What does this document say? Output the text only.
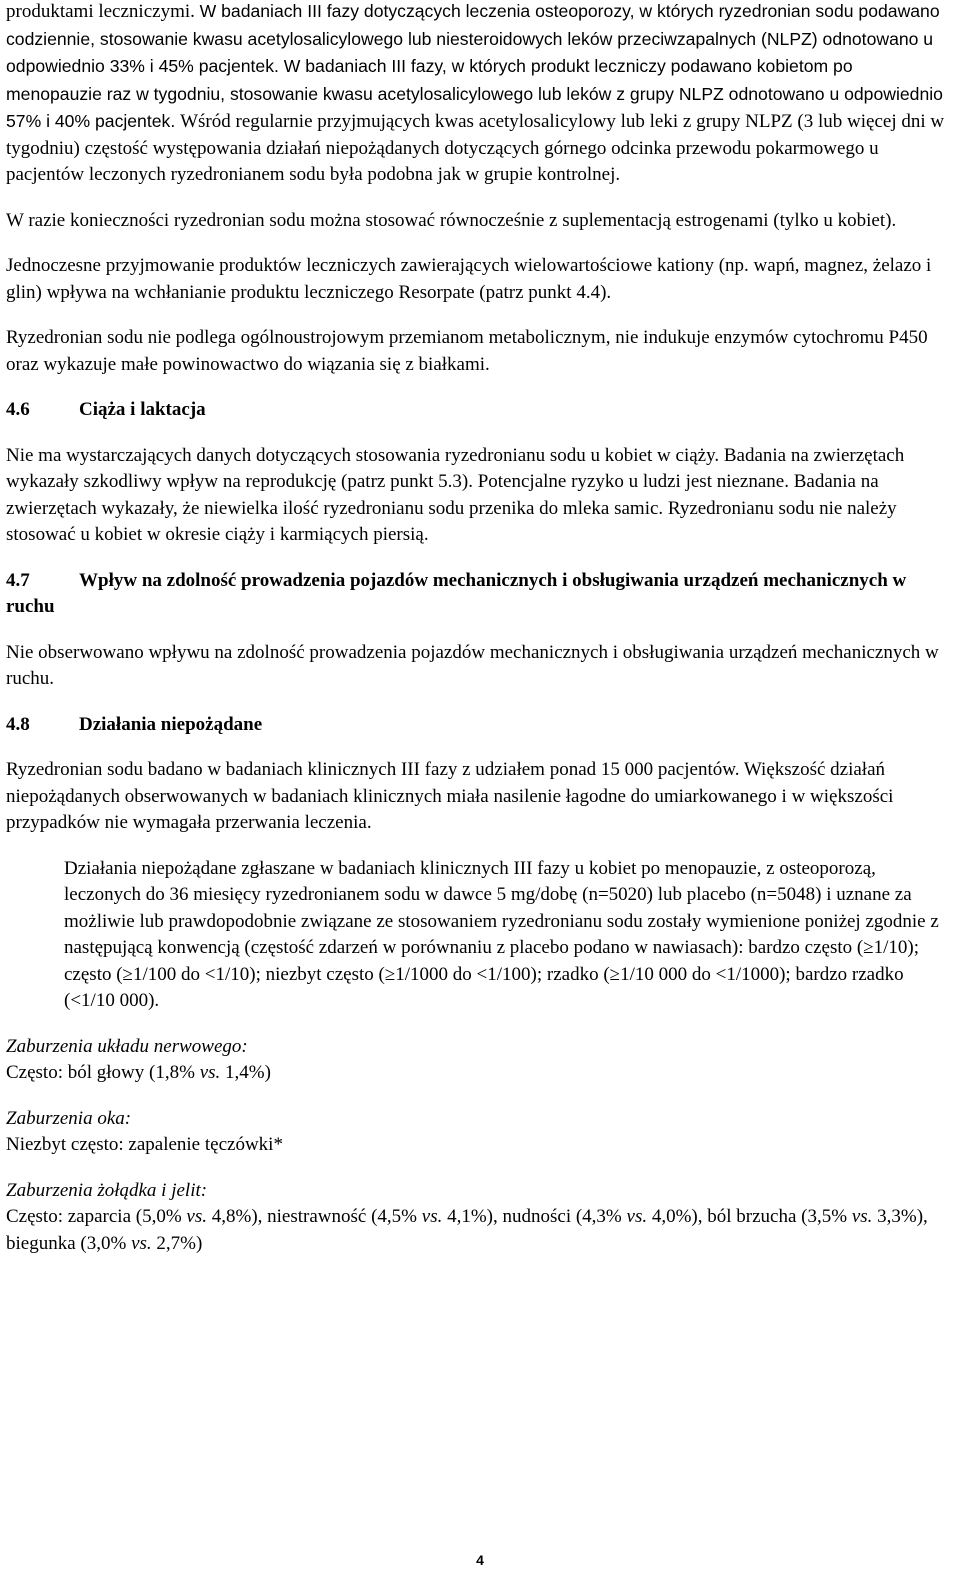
produktami leczniczymi. W badaniach III fazy dotyczących leczenia osteoporozy, w których ryzedronian sodu podawano codziennie, stosowanie kwasu acetylosalicylowego lub niesteroidowych leków przeciwzapalnych (NLPZ) odnotowano u odpowiednio 33% i 45% pacjentek. W badaniach III fazy, w których produkt leczniczy podawano kobietom po menopauzie raz w tygodniu, stosowanie kwasu acetylosalicylowego lub leków z grupy NLPZ odnotowano u odpowiednio 57% i 40% pacjentek. Wśród regularnie przyjmujących kwas acetylosalicylowy lub leki z grupy NLPZ (3 lub więcej dni w tygodniu) częstość występowania działań niepożądanych dotyczących górnego odcinka przewodu pokarmowego u pacjentów leczonych ryzedronianem sodu była podobna jak w grupie kontrolnej.

W razie konieczności ryzedronian sodu można stosować równocześnie z suplementacją estrogenami (tylko u kobiet).

Jednoczesne przyjmowanie produktów leczniczych zawierających wielowartościowe kationy (np. wapń, magnez, żelazo i glin) wpływa na wchłanianie produktu leczniczego Resorpate (patrz punkt 4.4).

Ryzedronian sodu nie podlega ogólnoustrojowym przemianom metabolicznym, nie indukuje enzymów cytochromu P450 oraz wykazuje małe powinowactwo do wiązania się z białkami.

4.6	Ciąża i laktacja

Nie ma wystarczających danych dotyczących stosowania ryzedronianu sodu u kobiet w ciąży. Badania na zwierzętach wykazały szkodliwy wpływ na reprodukcję (patrz punkt 5.3). Potencjalne ryzyko u ludzi jest nieznane. Badania na zwierzętach wykazały, że niewielka ilość ryzedronianu sodu przenika do mleka samic. Ryzedronianu sodu nie należy stosować u kobiet w okresie ciąży i karmiących piersią.

4.7	Wpływ na zdolność prowadzenia pojazdów mechanicznych i obsługiwania urządzeń mechanicznych w ruchu

Nie obserwowano wpływu na zdolność prowadzenia pojazdów mechanicznych i obsługiwania urządzeń mechanicznych w ruchu.

4.8	Działania niepożądane

Ryzedronian sodu badano w badaniach klinicznych III fazy z udziałem ponad 15 000 pacjentów. Większość działań niepożądanych obserwowanych w badaniach klinicznych miała nasilenie łagodne do umiarkowanego i w większości przypadków nie wymagała przerwania leczenia.

Działania niepożądane zgłaszane w badaniach klinicznych III fazy u kobiet po menopauzie, z osteoporozą, leczonych do 36 miesięcy ryzedronianem sodu w dawce 5 mg/dobę (n=5020) lub placebo (n=5048) i uznane za możliwie lub prawdopodobnie związane ze stosowaniem ryzedronianu sodu zostały wymienione poniżej zgodnie z następującą konwencją (częstość zdarzeń w porównaniu z placebo podano w nawiasach): bardzo często (≥1/10); często (≥1/100 do <1/10); niezbyt często (≥1/1000 do <1/100); rzadko (≥1/10 000 do <1/1000); bardzo rzadko (<1/10 000).

Zaburzenia układu nerwowego:
Często: ból głowy (1,8% vs. 1,4%)
Zaburzenia oka:
Niezbyt często: zapalenie tęczówki*
Zaburzenia żołądka i jelit:
Często: zaparcia (5,0% vs. 4,8%), niestrawność (4,5% vs. 4,1%), nudności (4,3% vs. 4,0%), ból brzucha (3,5% vs. 3,3%), biegunka (3,0% vs. 2,7%)
4
